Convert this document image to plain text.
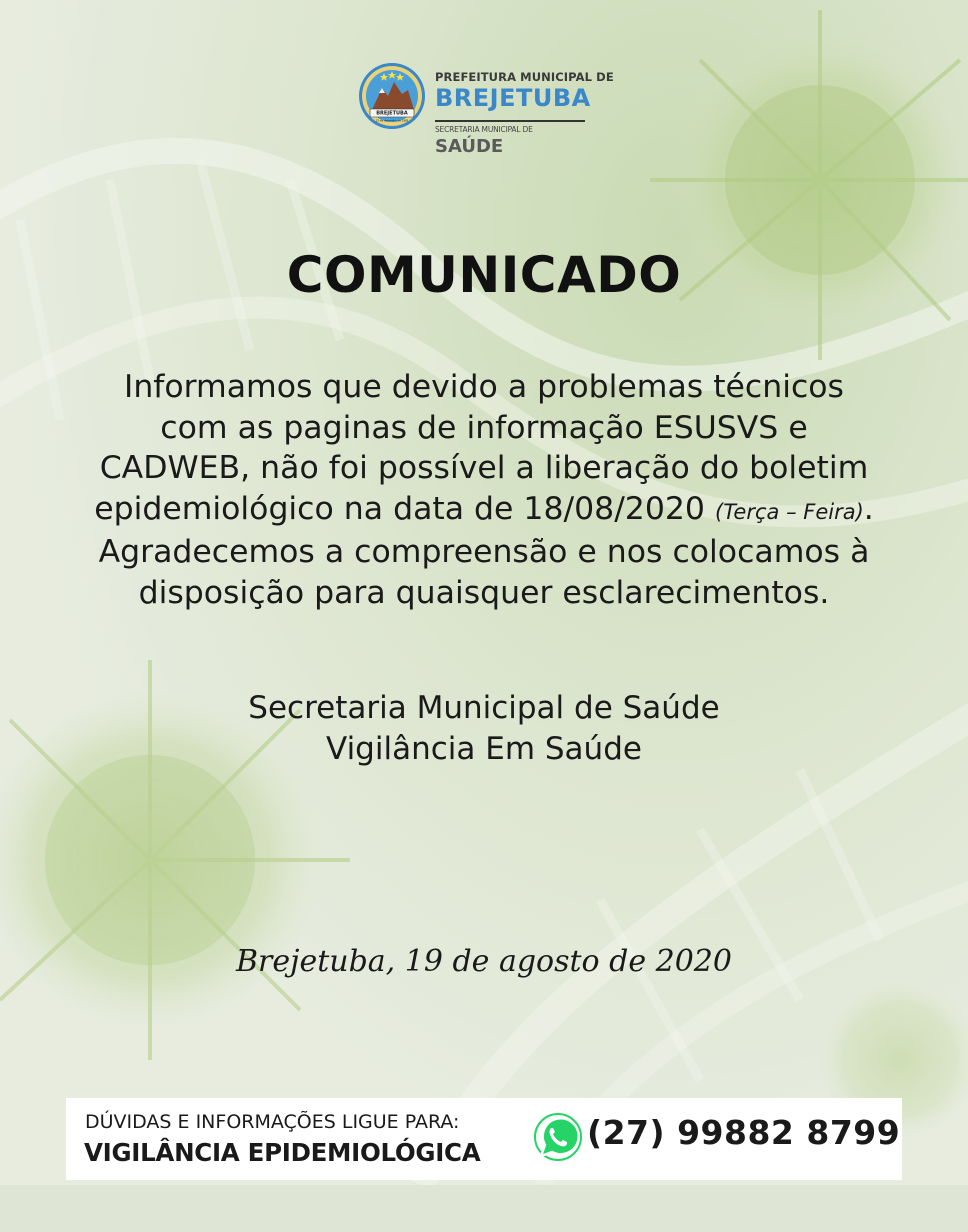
BREJETUBA
15 de dezembro de 1995
PREFEITURA MUNICIPAL DE
BREJETUBA
SECRETARIA MUNICIPAL DE
SAÚDE
COMUNICADO

Informamos que devido a problemas técnicos

com as paginas de informação ESUSVS e

CADWEB, não foi possível a liberação do boletim

epidemiológico na data de 18/08/2020 (Terça – Feira).

Agradecemos a compreensão e nos colocamos à

disposição para quaisquer esclarecimentos.

Secretaria Municipal de Saúde
Vigilância Em Saúde
Brejetuba, 19 de agosto de 2020
DÚVIDAS E INFORMAÇÕES LIGUE PARA:
VIGILÂNCIA EPIDEMIOLÓGICA
(27) 99882 8799
